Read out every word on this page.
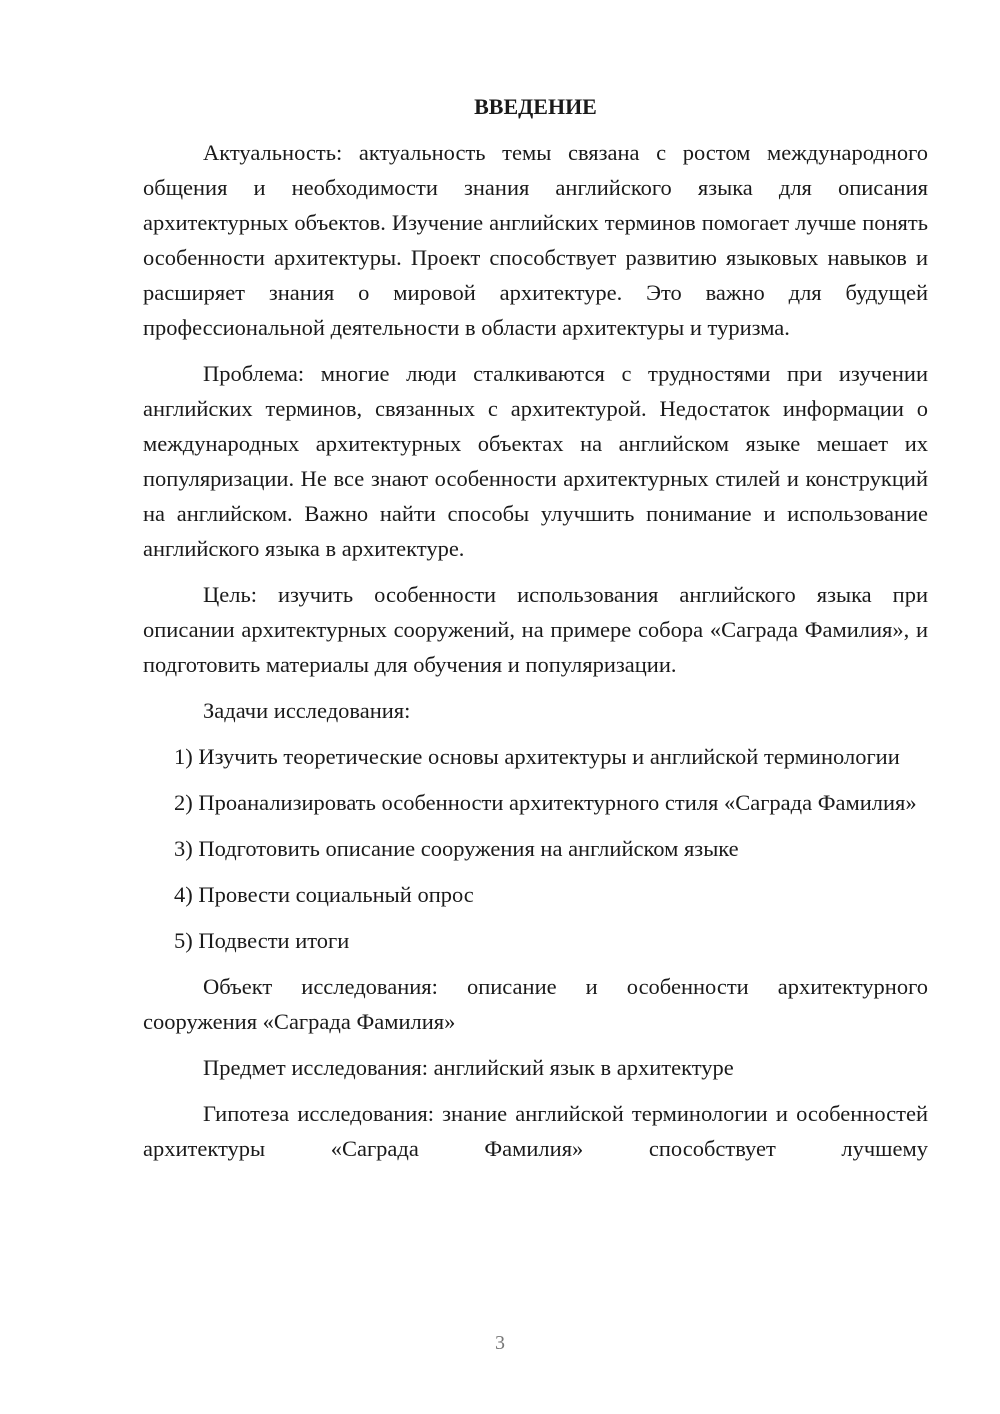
ВВЕДЕНИЕ

Актуальность: актуальность темы связана с ростом международного общения и необходимости знания английского языка для описания архитектурных объектов. Изучение английских терминов помогает лучше понять особенности архитектуры. Проект способствует развитию языковых навыков и расширяет знания о мировой архитектуре. Это важно для будущей профессиональной деятельности в области архитектуры и туризма.

Проблема: многие люди сталкиваются с трудностями при изучении английских терминов, связанных с архитектурой. Недостаток информации о международных архитектурных объектах на английском языке мешает их популяризации. Не все знают особенности архитектурных стилей и конструкций на английском. Важно найти способы улучшить понимание и использование английского языка в архитектуре.

Цель: изучить особенности использования английского языка при описании архитектурных сооружений, на примере собора «Саграда Фамилия», и подготовить материалы для обучения и популяризации.

Задачи исследования:

1) Изучить теоретические основы архитектуры и английской терминологии

2) Проанализировать особенности архитектурного стиля «Саграда Фамилия»

3) Подготовить описание сооружения на английском языке

4) Провести социальный опрос

5) Подвести итоги

Объект исследования: описание и особенности архитектурного сооружения «Саграда Фамилия»

Предмет исследования: английский язык в архитектуре

Гипотеза исследования: знание английской терминологии и особенностей архитектуры «Саграда Фамилия» способствует лучшему

3
